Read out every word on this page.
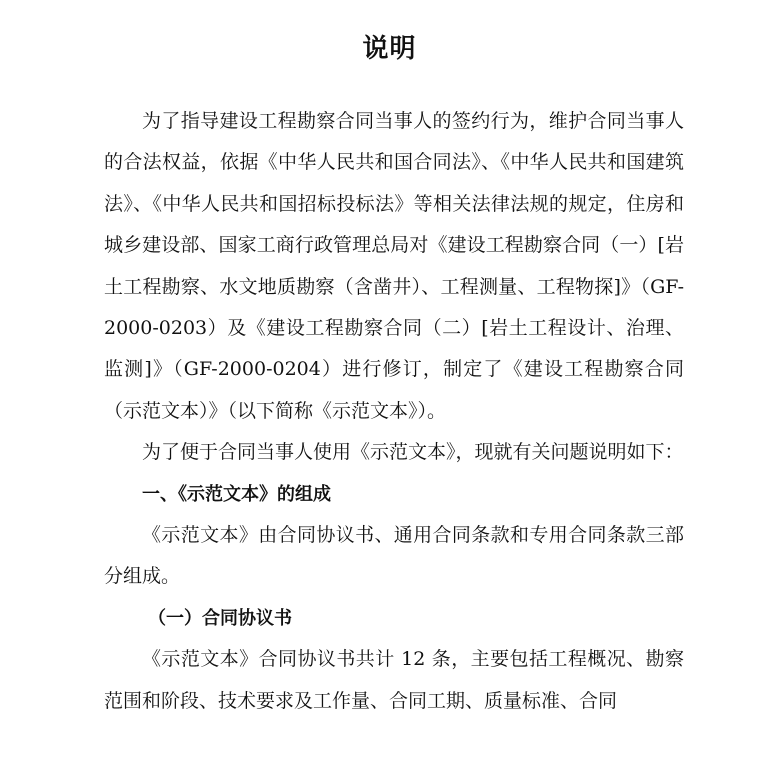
说明

为了指导建设工程勘察合同当事人的签约行为，维护合同当事人的合法权益，依据《中华人民共和国合同法》、《中华人民共和国建筑法》、《中华人民共和国招标投标法》等相关法律法规的规定，住房和城乡建设部、国家工商行政管理总局对《建设工程勘察合同（一）[岩土工程勘察、水文地质勘察（含凿井）、工程测量、工程物探]》（GF-2000-0203）及《建设工程勘察合同（二）[岩土工程设计、治理、监测]》（GF-2000-0204）进行修订，制定了《建设工程勘察合同（示范文本）》（以下简称《示范文本》）。

为了便于合同当事人使用《示范文本》，现就有关问题说明如下：

一、《示范文本》的组成

《示范文本》由合同协议书、通用合同条款和专用合同条款三部分组成。

（一）合同协议书

《示范文本》合同协议书共计 12 条，主要包括工程概况、勘察范围和阶段、技术要求及工作量、合同工期、质量标准、合同
